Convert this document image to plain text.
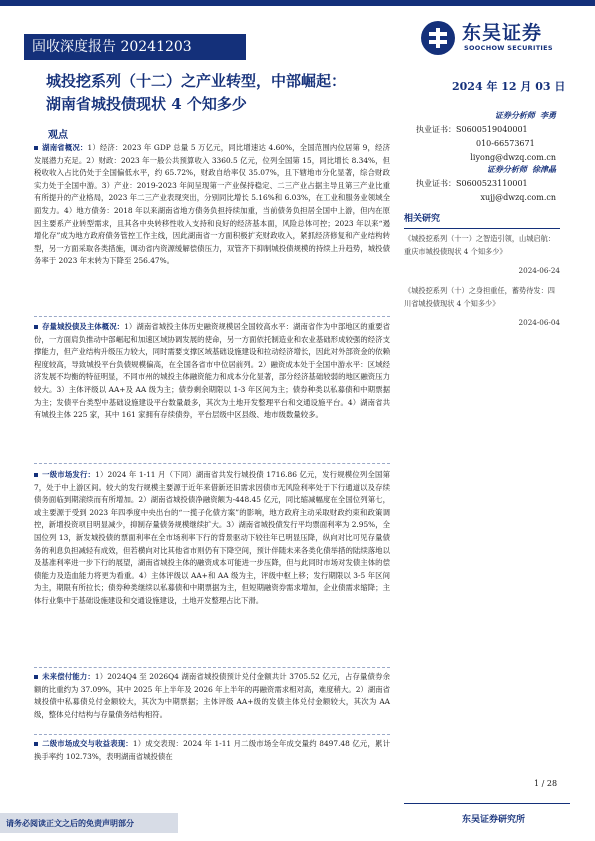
固收深度报告 20241203
东吴证券
SOOCHOW SECURITIES
城投挖系列（十二）之产业转型，中部崛起：
湖南省城投债现状 4 个知多少
2024 年 12 月 03 日
观点
证券分析师 李勇
执业证书：S0600519040001
010-66573671
liyong@dwzq.com.cn
证券分析师 徐津晶
执业证书：S0600523110001
xujj@dwzq.com.cn
相关研究
《城投挖系列（十一）之智造引领，山城启航：重庆市城投债现状 4 个知多少》
2024-06-24
《城投挖系列（十）之身担重任，蓄势待发：四川省城投债现状 4 个知多少》
2024-06-04

湖南省概况：1）经济：2023 年 GDP 总量 5 万亿元，同比增速达 4.60%，全国范围内位居第 9，经济发展潜力充足。2）财政：2023 年一般公共预算收入 3360.5 亿元，位列全国第 15，同比增长 8.34%，但税收收入占比仍处于全国偏低水平，约 65.72%，财政自给率仅 35.07%，且下辖地市分化显著，综合财政实力处于全国中游。3）产业：2019-2023 年间呈现第一产业保持稳定、二三产业占据主导且第三产业比重有所提升的产业格局，2023 年二三产业表现突出，分别同比增长 5.16%和 6.03%，在工业和服务业领域全面发力。4）地方债务：2018 年以来湖南省地方债务负担持续加重，当前债务负担居全国中上游，但内在原因主要系产业转型需求，且其各中央转移性收入支持和良好的经济基本面，风险总体可控；2023 年以来“遏增化存”成为地方政府债务管控工作主线，因此湖南省一方面积极扩充财政收入，紧抓经济修复和产业结构转型，另一方面采取各类措施，调动省内资源缓解偿债压力，双管齐下抑制城投债规模的持续上升趋势，城投债务率于 2023 年末转为下降至 256.47%。

存量城投债及主体概况：1）湖南省城投主体历史融资规模居全国较高水平：湖南省作为中部地区的重要省份，一方面肩负推动中部崛起和加速区域协调发展的使命，另一方面依托制造业和农业基础形成较强的经济支撑能力，但产业结构升级压力较大，同时需要支撑区域基础设施建设和拉动经济增长，因此对外部资金的依赖程度较高，导致城投平台负债规模偏高，在全国各省市中位居前列。2）融资成本处于全国中游水平：区域经济发展不均衡的特征明显，不同市州的城投主体融资能力和成本分化显著，部分经济基础较弱的地区融资压力较大。3）主体评级以 AA+及 AA 级为主；债券剩余期限以 1-3 年区间为主；债券种类以私募债和中期票据为主；发债平台类型中基础设施建设平台数量最多，其次为土地开发整理平台和交通设施平台。4）湖南省共有城投主体 225 家，其中 161 家拥有存续债券，平台层级中区县级、地市级数量较多。

一级市场发行：1）2024 年 1-11 月（下同）湖南省共发行城投债 1716.86 亿元，发行规模位列全国第 7，处于中上游区间。较大的发行规模主要源于近年来借新还旧需求因债市无风险利率处于下行通道以及存续债务面临到期滚续而有所增加。2）湖南省城投债净融资额为-448.45 亿元，同比缩减幅度在全国位列第七，或主要源于受到 2023 年四季度中央出台的“一揽子化债方案”的影响，地方政府主动采取财政约束和政策调控，新增投资项目明显减少，抑制存量债务规模继续扩大。3）湖南省城投债发行平均票面利率为 2.95%，全国位列 13，新发城投债的票面利率在全市场利率下行的背景驱动下较往年已明显压降，纵向对比可见存量债务的利息负担减轻有成效，但若横向对比其他省市则仍有下降空间，预计伴随未来各类化债举措的陆续落地以及基准利率进一步下行的展望，湖南省城投主体的融资成本可能进一步压降，但与此同时市场对发债主体的偿债能力及造血能力将更为看重。4）主体评级以 AA+和 AA 级为主，评级中枢上移；发行期限以 3-5 年区间为主，期限有所拉长；债券种类继续以私募债和中期票据为主，但短期融资券需求增加，企业债需求缩降；主体行业集中于基础设施建设和交通设施建设，土地开发整理占比下滑。

未来偿付能力：1）2024Q4 至 2026Q4 湖南省城投债预计兑付金额共计 3705.52 亿元，占存量债券余额的比重约为 37.09%，其中 2025 年上半年及 2026 年上半年的再融资需求相对高，难度稍大。2）湖南省城投债中私募债兑付金额较大，其次为中期票据；主体评级 AA+级的发债主体兑付金额较大，其次为 AA 级，整体兑付结构与存量债务结构相符。

二级市场成交与收益表现：1）成交表现：2024 年 1-11 月二级市场全年成交量约 8497.48 亿元，累计换手率约 102.73%，表明湖南省城投债在

1 / 28
东吴证券研究所
请务必阅读正文之后的免责声明部分
